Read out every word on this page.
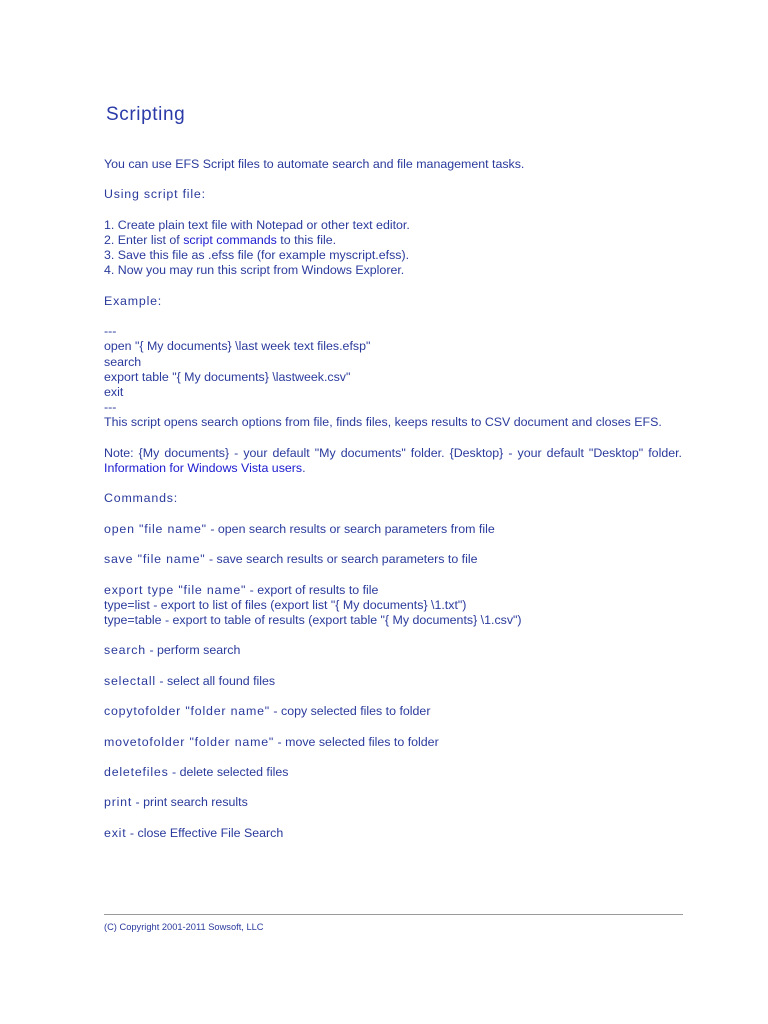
Scripting

You can use EFS Script files to automate search and file management tasks.

Using script file:

1. Create plain text file with Notepad or other text editor.
2. Enter list of script commands to this file.
3. Save this file as .efss file (for example myscript.efss).
4. Now you may run this script from Windows Explorer.

Example:

---
open "{ My documents} \last week text files.efsp"
search
export table "{ My documents} \lastweek.csv"
exit
---

This script opens search options from file, finds files, keeps results to CSV document and closes EFS.

Note: {My documents} - your default "My documents" folder. {Desktop} - your default "Desktop" folder. Information for Windows Vista users.

Commands:

open "file name" - open search results or search parameters from file

save "file name" - save search results or search parameters to file

export type "file name" - export of results to file
type=list - export to list of files (export list "{ My documents} \1.txt")
type=table - export to table of results (export table "{ My documents} \1.csv")

search - perform search

selectall - select all found files

copytofolder "folder name" - copy selected files to folder

movetofolder "folder name" - move selected files to folder

deletefiles - delete selected files

print - print search results

exit - close Effective File Search

(C) Copyright 2001-2011 Sowsoft, LLC
